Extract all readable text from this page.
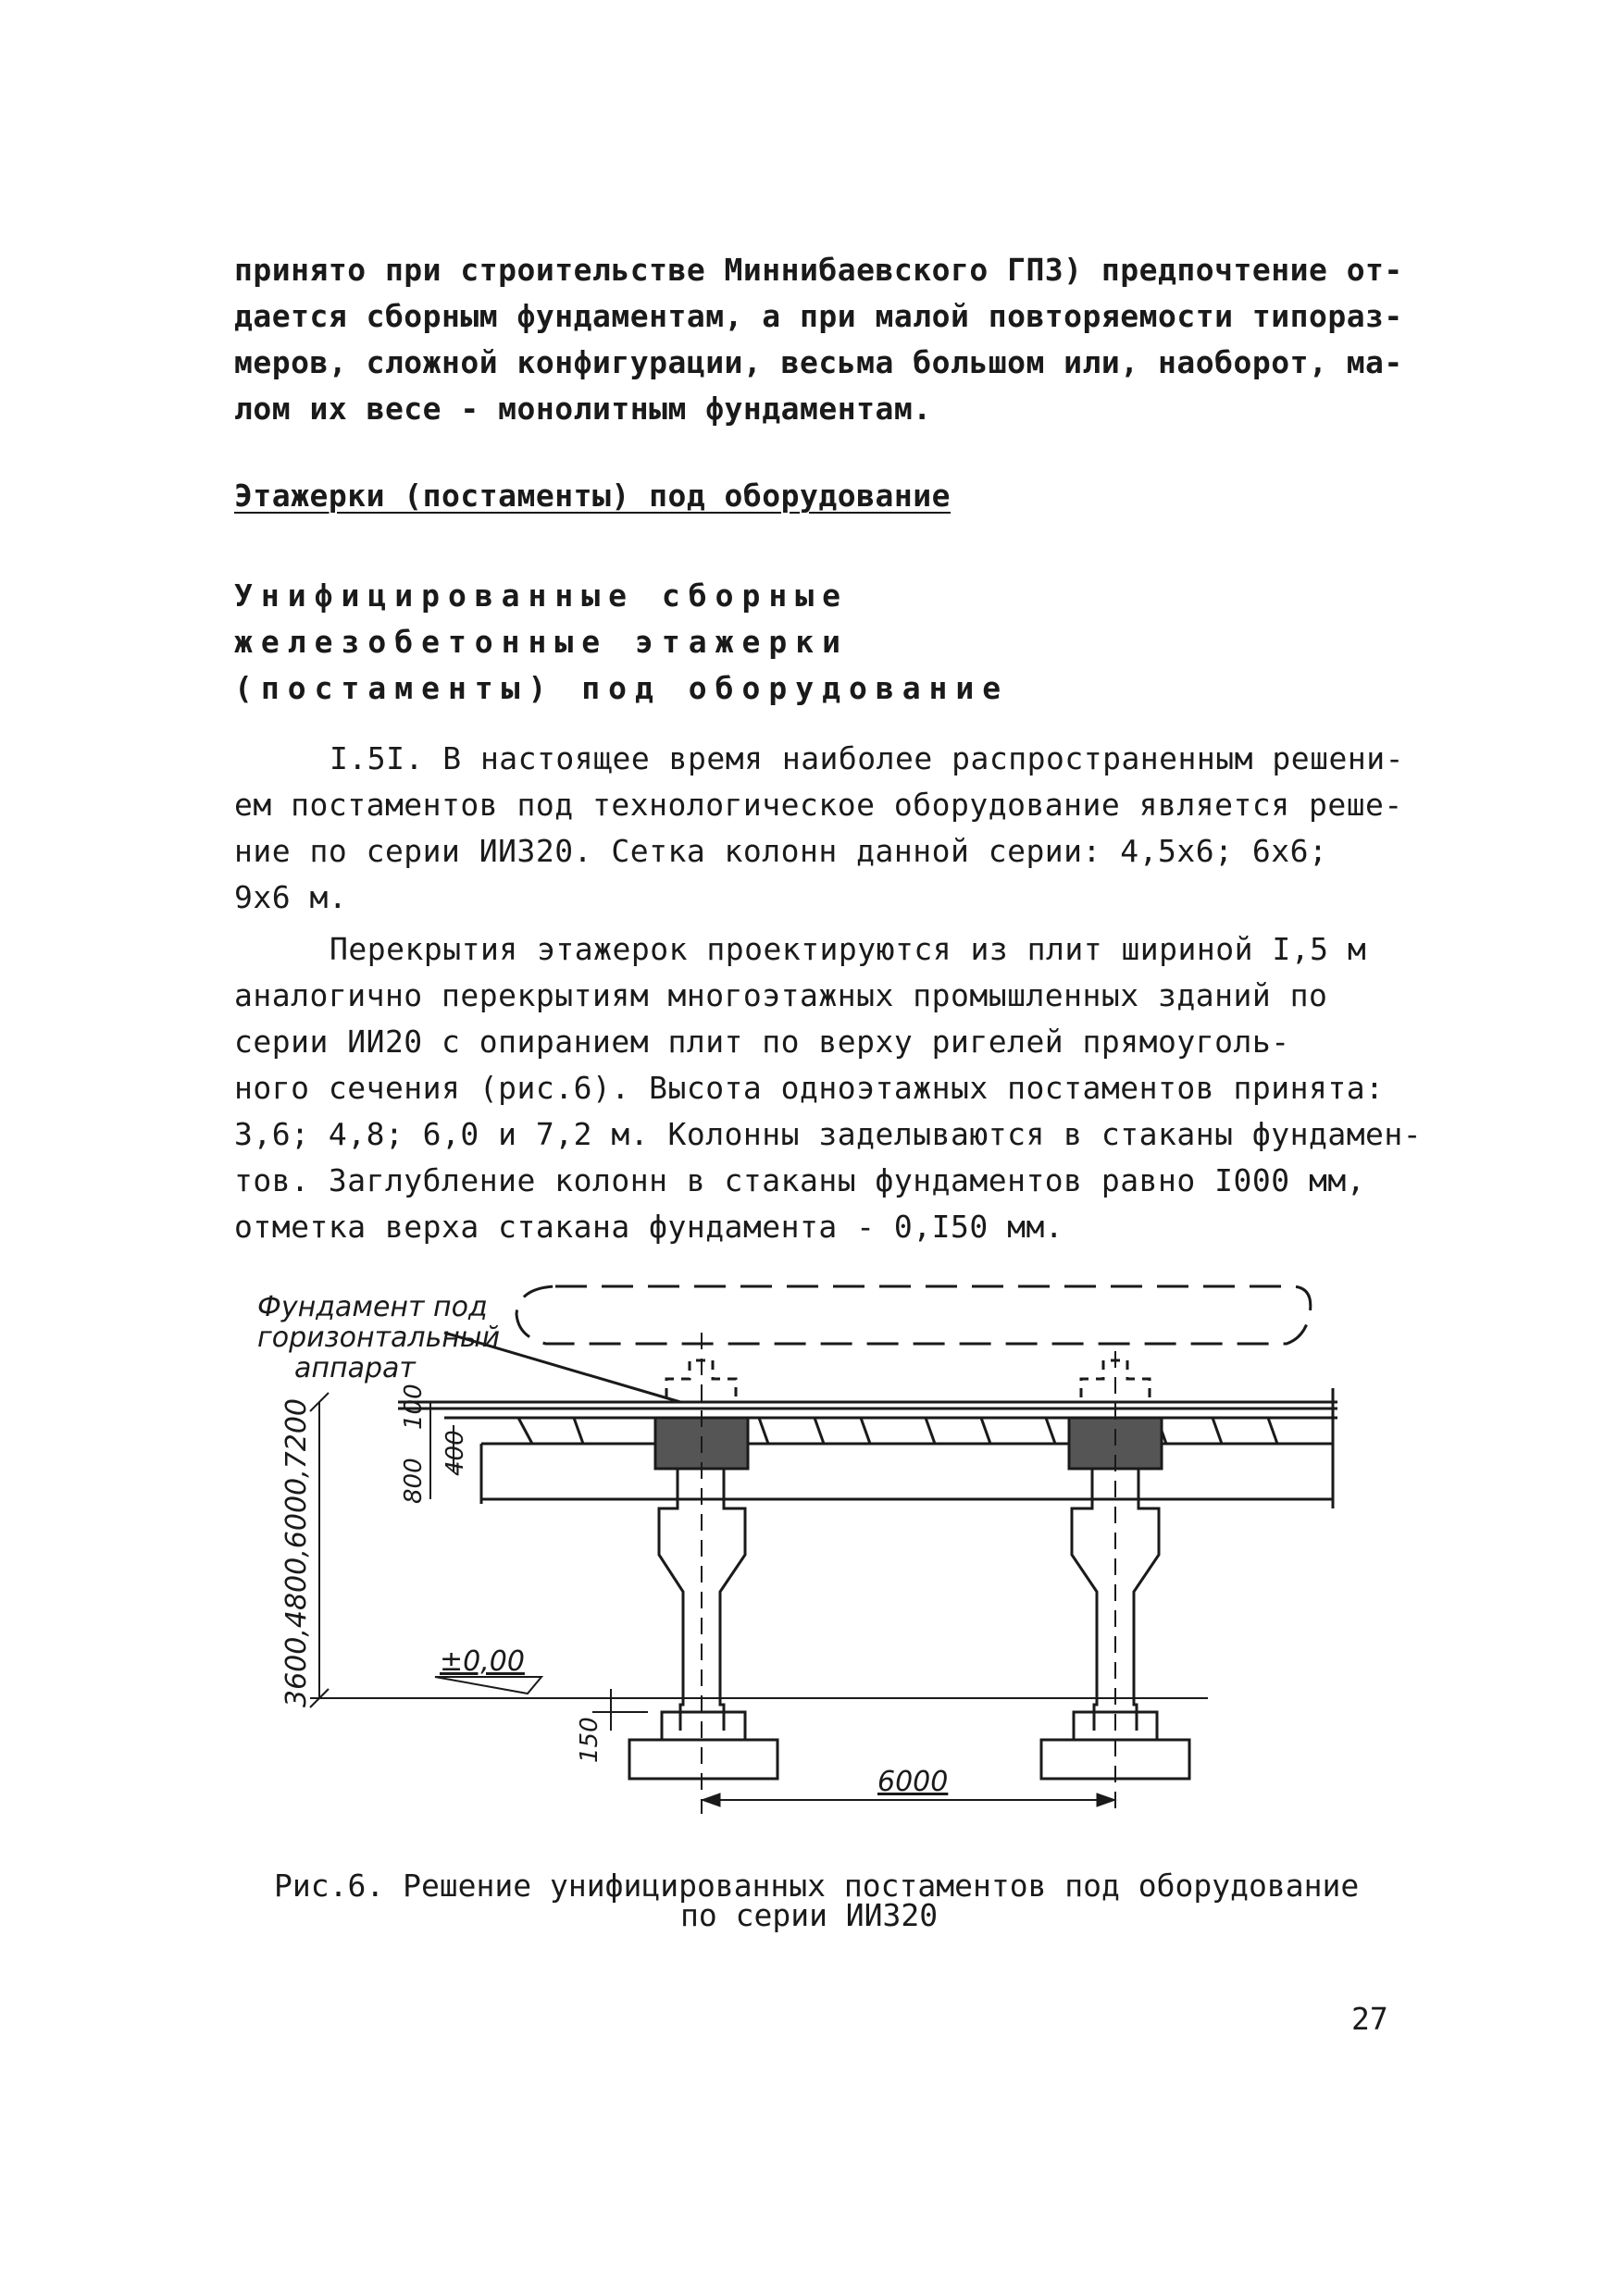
принято при строительстве Миннибаевского ГПЗ) предпочтение от-
дается сборным фундаментам, а при малой повторяемости типораз-
меров, сложной конфигурации, весьма большом или, наоборот, ма-
лом их весе - монолитным фундаментам.
Этажерки (постаменты) под оборудование
Унифицированные сборные
железобетонные этажерки
(постаменты) под оборудование
I.5I. В настоящее время наиболее распространенным решени-
ем постаментов под технологическое оборудование является реше-
ние по серии ИИ320. Сетка колонн данной серии: 4,5х6; 6х6;
9х6 м.
Перекрытия этажерок проектируются из плит шириной I,5 м
аналогично перекрытиям многоэтажных промышленных зданий по
серии ИИ20 с опиранием плит по верху ригелей прямоуголь-
ного сечения (рис.6). Высота одноэтажных постаментов принята:
3,6; 4,8; 6,0 и 7,2 м. Колонны заделываются в стаканы фундамен-
тов. Заглубление колонн в стаканы фундаментов равно I000 мм,
отметка верха стакана фундамента - 0,I50 мм.
Фундамент под
горизонтальный
аппарат
3600,4800,6000,7200	800
100
400
±0,00
150
6000
Рис.6. Решение унифицированных постаментов под оборудование
по серии ИИ320
27
